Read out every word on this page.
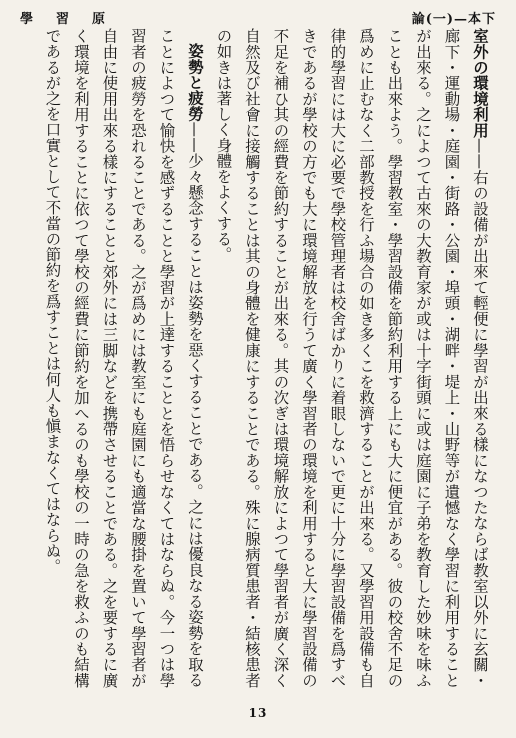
學 習 原	論(一)—本下

室外の環境利用——右の設備が出來て輕便に學習が出來る樣になつたならば教室以外に玄關・廊下・運動場・庭園・街路・公園・埠頭・湖畔・堤上・山野等が遺憾なく學習に利用することが出來る。之によつて古來の大教育家が或は十字街頭に或は庭園に子弟を教育した妙味を味ふことも出來よう。學習教室・學習設備を節約利用する上にも大に便宜がある。彼の校舍不足の爲めに止むなく二部教授を行ふ場合の如き多くこを救濟することが出來る。又學習用設備も自律的學習には大に必要で學校管理者は校舍ばかりに着眼しないで更に十分に學習設備を爲すべきであるが學校の方でも大に環境解放を行うて廣く學習者の環境を利用すると大に學習設備の不足を補ひ其の經費を節約することが出來る。其の次ぎは環境解放によつて學習者が廣く深く自然及び社會に接觸することは其の身體を健康にすることである。殊に腺病質患者・結核患者の如きは著しく身體をよくする。

姿勢と疲勞——少々懸念することは姿勢を惡くすることである。之には優良なる姿勢を取ることによつて愉快を感ずることと學習が上達することとを悟らせなくてはならぬ。今一つは學習者の疲勞を恐れることである。之が爲めには教室にも庭園にも適當な腰掛を置いて學習者が自由に使用出來る樣にすることと郊外には三脚などを携帶させることである。之を要するに廣く環境を利用することに依つて學校の經費に節約を加へるのも學校の一時の急を救ふのも結構であるが之を口實として不當の節約を爲すことは何人も愼まなくてはならぬ。

13
